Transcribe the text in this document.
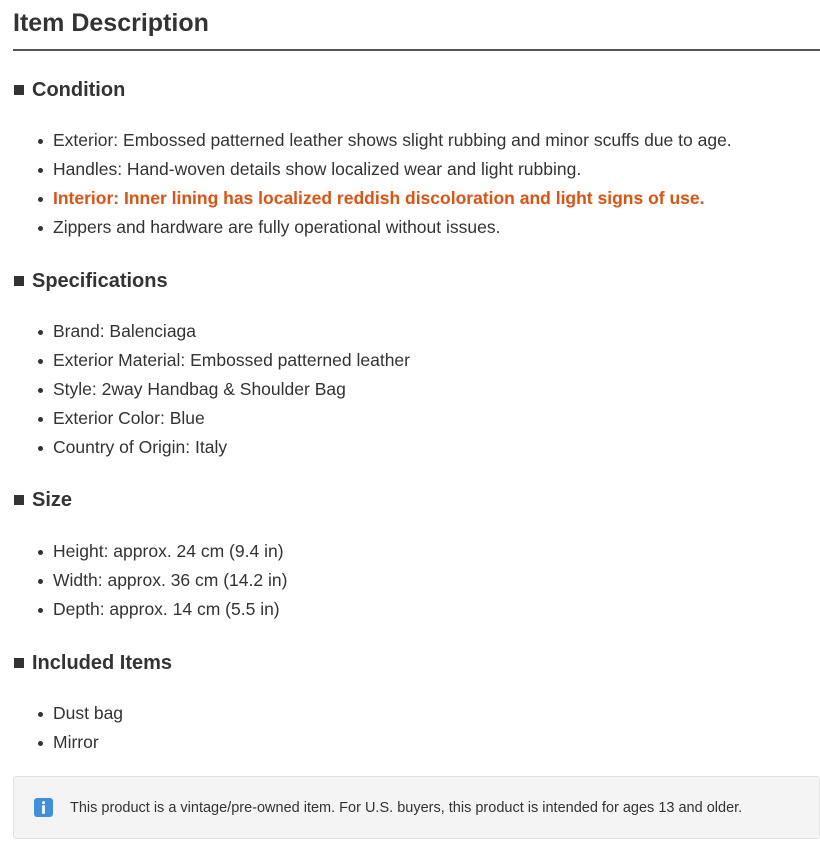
Item Description
Condition
Exterior: Embossed patterned leather shows slight rubbing and minor scuffs due to age.
Handles: Hand-woven details show localized wear and light rubbing.
Interior: Inner lining has localized reddish discoloration and light signs of use.
Zippers and hardware are fully operational without issues.
Specifications
Brand: Balenciaga
Exterior Material: Embossed patterned leather
Style: 2way Handbag & Shoulder Bag
Exterior Color: Blue
Country of Origin: Italy
Size
Height: approx. 24 cm (9.4 in)
Width: approx. 36 cm (14.2 in)
Depth: approx. 14 cm (5.5 in)
Included Items
Dust bag
Mirror
This product is a vintage/pre-owned item. For U.S. buyers, this product is intended for ages 13 and older.
